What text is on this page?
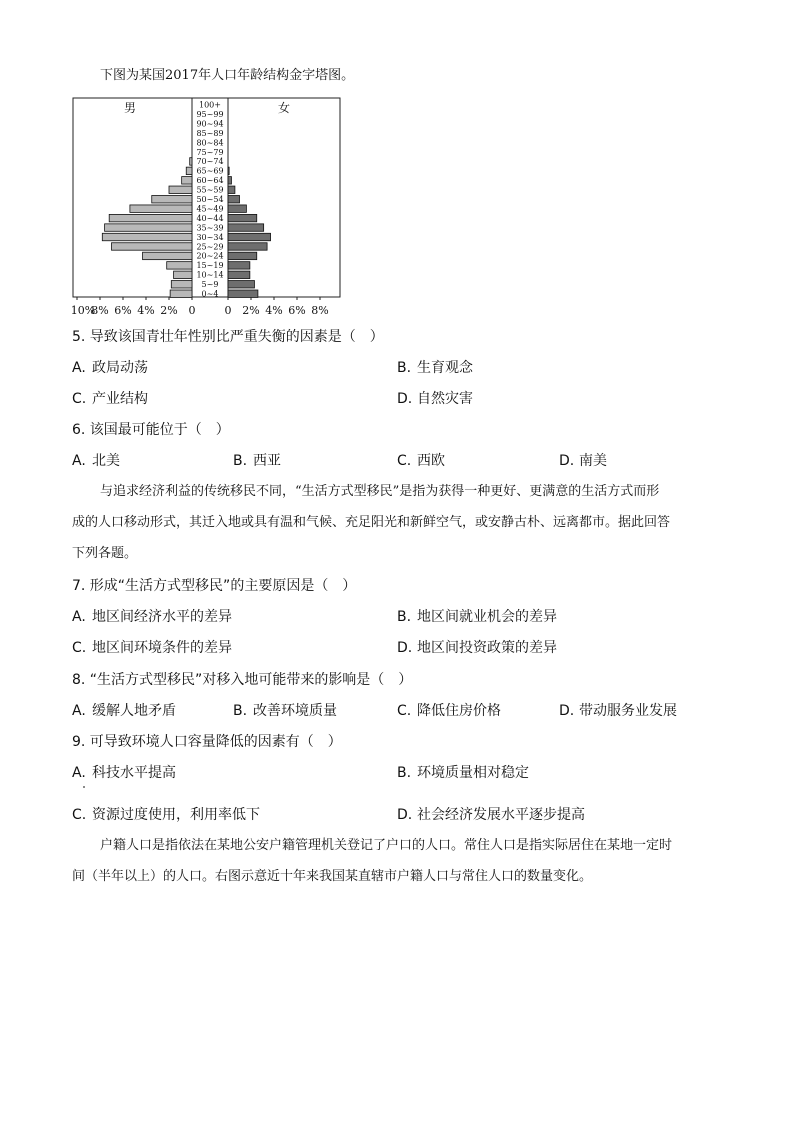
下图为某国2017年人口年龄结构金字塔图。
男	女
100+
95~99
90~94
85~89
80~84
75~79
70~74
65~69
60~64
55~59
50~54
45~49
40~44
35~39
30~34
25~29
20~24
15~19
10~14
5~9
0~4
10%
8% 6% 4% 2% 0	0 2% 4% 6% 8%
5. 导致该国青壮年性别比严重失衡的因素是（　）
A. 政局动荡	B. 生育观念
C. 产业结构	D. 自然灾害
6. 该国最可能位于（　）
A. 北美	B. 西亚	C. 西欧	D. 南美
与追求经济利益的传统移民不同，“生活方式型移民”是指为获得一种更好、更满意的生活方式而形
成的人口移动形式，其迁入地或具有温和气候、充足阳光和新鲜空气，或安静古朴、远离都市。据此回答
下列各题。
7. 形成“生活方式型移民”的主要原因是（　）
A. 地区间经济水平的差异	B. 地区间就业机会的差异
C. 地区间环境条件的差异	D. 地区间投资政策的差异
8. “生活方式型移民”对移入地可能带来的影响是（　）
A. 缓解人地矛盾	B. 改善环境质量	C. 降低住房价格	D. 带动服务业发展
9. 可导致环境人口容量降低的因素有（　）
A. 科技水平提高	B. 环境质量相对稳定
C. 资源过度使用，利用率低下	D. 社会经济发展水平逐步提高
户籍人口是指依法在某地公安户籍管理机关登记了户口的人口。常住人口是指实际居住在某地一定时
间（半年以上）的人口。右图示意近十年来我国某直辖市户籍人口与常住人口的数量变化。
